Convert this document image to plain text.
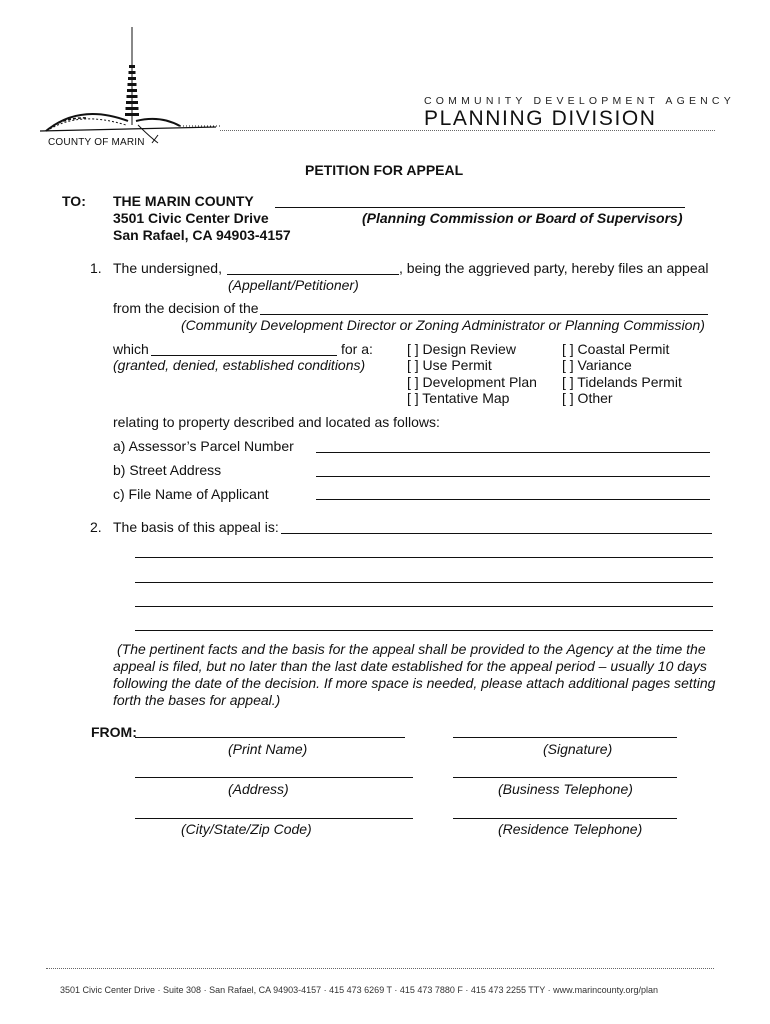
COUNTY OF MARIN
COMMUNITY DEVELOPMENT AGENCY
PLANNING DIVISION
PETITION FOR APPEAL
TO: THE MARIN COUNTY
3501 Civic Center Drive
San Rafael, CA 94903-4157
(Planning Commission or Board of Supervisors)
1. The undersigned,	, being the aggrieved party, hereby files an appeal
(Appellant/Petitioner)
from the decision of the
(Community Development Director or Zoning Administrator or Planning Commission)
which	for a:
(granted, denied, established conditions)
[ ] Design Review
[ ] Use Permit
[ ] Development Plan
[ ] Tentative Map
[ ] Coastal Permit
[ ] Variance
[ ] Tidelands Permit
[ ] Other
relating to property described and located as follows:
a) Assessor’s Parcel Number
b) Street Address
c) File Name of Applicant
2. The basis of this appeal is:
(The pertinent facts and the basis for the appeal shall be provided to the Agency at the time the
appeal is filed, but no later than the last date established for the appeal period – usually 10 days
following the date of the decision. If more space is needed, please attach additional pages setting
forth the bases for appeal.)
FROM:
(Print Name)	(Signature)
(Address)	(Business Telephone)
(City/State/Zip Code)	(Residence Telephone)
3501 Civic Center Drive · Suite 308 · San Rafael, CA 94903-4157 · 415 473 6269 T · 415 473 7880 F · 415 473 2255 TTY · www.marincounty.org/plan
